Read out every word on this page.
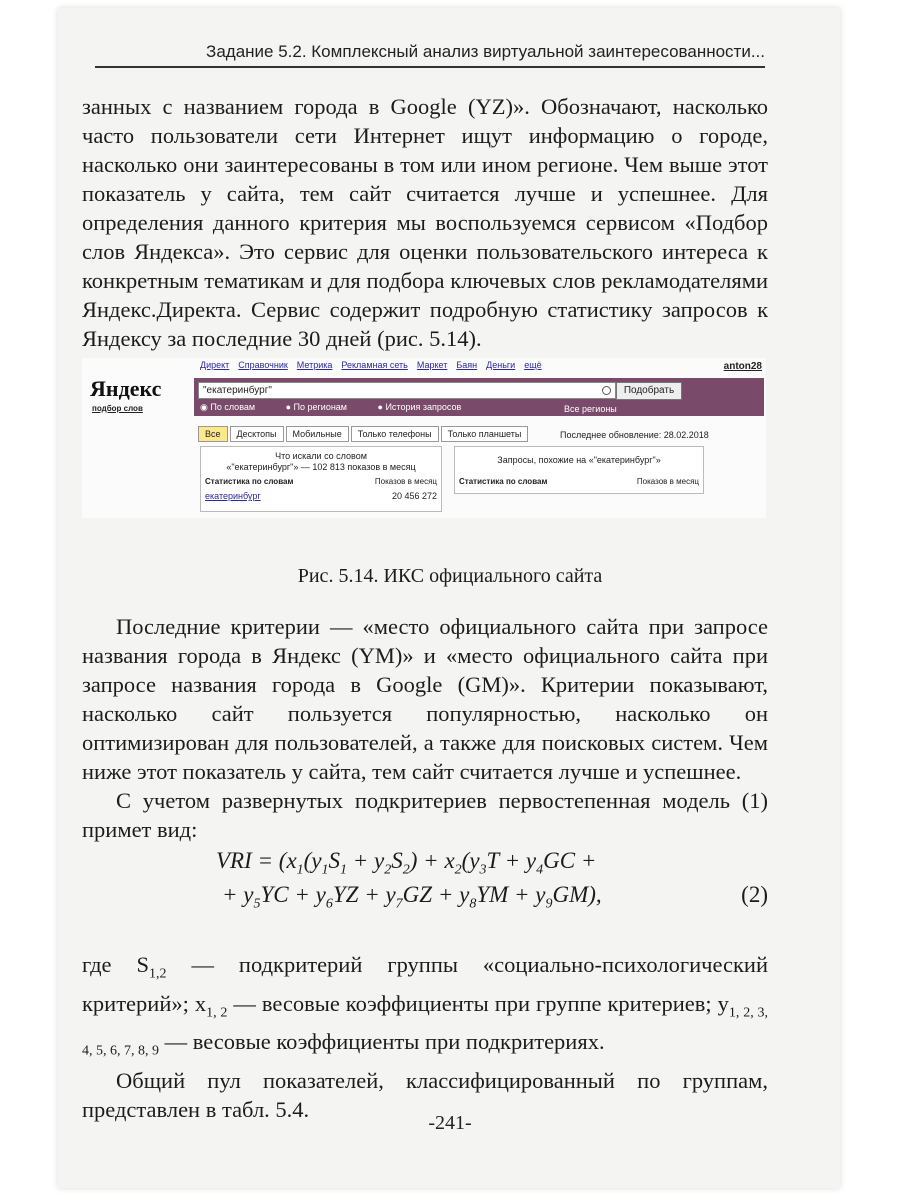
Задание 5.2. Комплексный анализ виртуальной заинтересованности...

занных с названием города в Google (YZ)». Обозначают, насколько часто пользователи сети Интернет ищут информацию о городе, насколько они заинтересованы в том или ином регионе. Чем выше этот показатель у сайта, тем сайт считается лучше и успешнее. Для определения данного критерия мы воспользуемся сервисом «Подбор слов Яндекса». Это сервис для оценки пользовательского интереса к конкретным тематикам и для подбора ключевых слов рекламодателями Яндекс.Директа. Сервис содержит подробную статистику запросов к Яндексу за последние 30 дней (рис. 5.14).

Директ Справочник Метрика Рекламная сеть Маркет Баян Деньги ещё	anton28
Яндекс
подбор слов
"екатеринбург"	Подобрать
◉ По словам	● По регионам	● История запросов	Все регионы
Все Десктопы Мобильные Только телефоны Только планшеты	Последнее обновление: 28.02.2018
Что искали со словом
«"екатеринбург"» — 102 813 показов в месяц
Статистика по словам	Показов в месяц
екатеринбург	20 456 272
Запросы, похожие на «"екатеринбург"»
Статистика по словам	Показов в месяц
Рис. 5.14. ИКС официального сайта

Последние критерии — «место официального сайта при запросе названия города в Яндекс (YM)» и «место официального сайта при запросе названия города в Google (GM)». Критерии показывают, насколько сайт пользуется популярностью, насколько он оптимизирован для пользователей, а также для поисковых систем. Чем ниже этот показатель у сайта, тем сайт считается лучше и успешнее.

С учетом развернутых подкритериев первостепенная модель (1) примет вид:

VRI = ($x_1(y_1S_1 + y_2S_2) + x_2(y_3T + y_4GC$ +
+ $y_5YC + y_6YZ + y_7GZ + y_8YM + y_9GM$),	(2)

где $S_{1,2}$ — подкритерий группы «социально-психологический критерий»; $x_{1, 2}$ — весовые коэффициенты при группе критериев; $y_{1, 2, 3, 4, 5, 6, 7, 8, 9}$ — весовые коэффициенты при подкритериях.

Общий пул показателей, классифицированный по группам, представлен в табл. 5.4.

-241-
